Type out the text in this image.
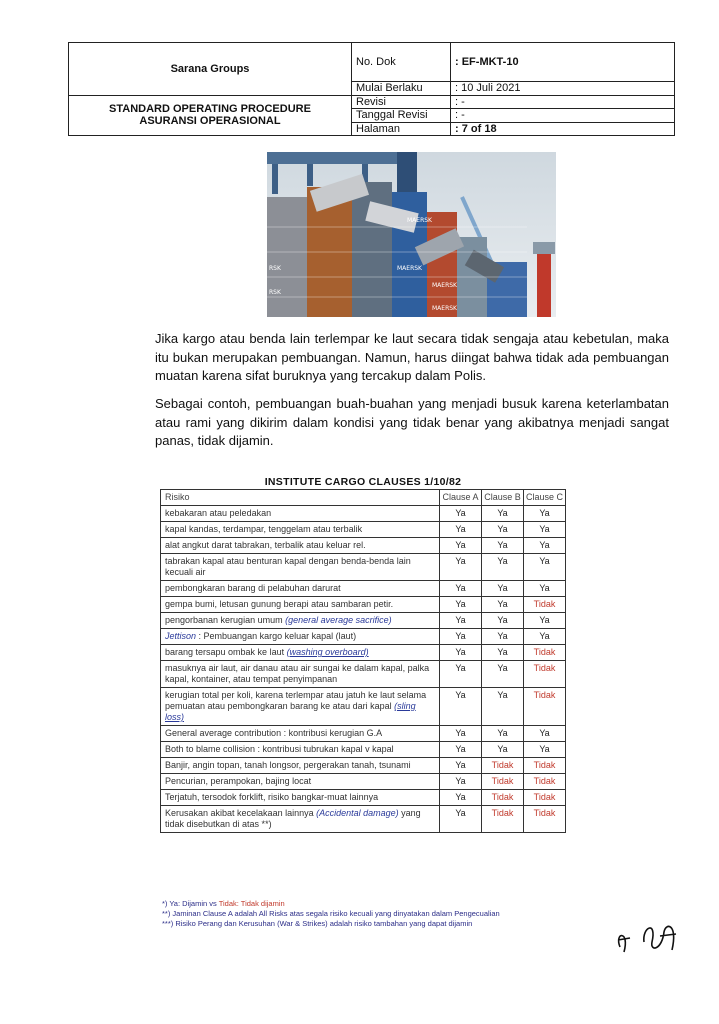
Sarana Groups	No. Dok	: EF-MKT-10
	Mulai Berlaku	: 10 Juli 2021

STANDARD OPERATING PROCEDURE
ASURANSI OPERASIONAL	Revisi	: -
	Tanggal Revisi	: -
	Halaman	: 7 of 18
MAERSK
MAERSK
MAERSK
MAERSK
RSK
RSK

Jika kargo atau benda lain terlempar ke laut secara tidak sengaja atau kebetulan, maka itu bukan merupakan pembuangan. Namun, harus diingat bahwa tidak ada pembuangan muatan karena sifat buruknya yang tercakup dalam Polis.

Sebagai contoh, pembuangan buah-buahan yang menjadi busuk karena keterlambatan atau rami yang dikirim dalam kondisi yang tidak benar yang akibatnya menjadi sangat panas, tidak dijamin.

INSTITUTE CARGO CLAUSES 1/10/82
Risiko	Clause A	Clause B	Clause C
kebakaran atau peledakan	Ya	Ya	Ya
kapal kandas, terdampar, tenggelam atau terbalik	Ya	Ya	Ya
alat angkut darat tabrakan, terbalik atau keluar rel.	Ya	Ya	Ya
tabrakan kapal atau benturan kapal dengan benda-benda lain kecuali air	Ya	Ya	Ya
pembongkaran barang di pelabuhan darurat	Ya	Ya	Ya
gempa bumi, letusan gunung berapi atau sambaran petir.	Ya	Ya	Tidak
pengorbanan kerugian umum (general average sacrifice)	Ya	Ya	Ya
Jettison : Pembuangan kargo keluar kapal (laut)	Ya	Ya	Ya
barang tersapu ombak ke laut (washing overboard)	Ya	Ya	Tidak
masuknya air laut, air danau atau air sungai ke dalam kapal, palka kapal, kontainer, atau tempat penyimpanan	Ya	Ya	Tidak
kerugian total per koli, karena terlempar atau jatuh ke laut selama pemuatan atau pembongkaran barang ke atau dari kapal (sling loss)	Ya	Ya	Tidak
General average contribution : kontribusi kerugian G.A	Ya	Ya	Ya
Both to blame collision : kontribusi tubrukan kapal v kapal	Ya	Ya	Ya
Banjir, angin topan, tanah longsor, pergerakan tanah, tsunami	Ya	Tidak	Tidak
Pencurian, perampokan, bajing locat	Ya	Tidak	Tidak
Terjatuh, tersodok forklift, risiko bangkar-muat lainnya	Ya	Tidak	Tidak
Kerusakan akibat kecelakaan lainnya (Accidental damage) yang tidak disebutkan di atas **)	Ya	Tidak	Tidak
*) Ya: Dijamin vs Tidak: Tidak dijamin
**) Jaminan Clause A adalah All Risks atas segala risiko kecuali yang dinyatakan dalam Pengecualian
***) Risiko Perang dan Kerusuhan (War & Strikes) adalah risiko tambahan yang dapat dijamin
